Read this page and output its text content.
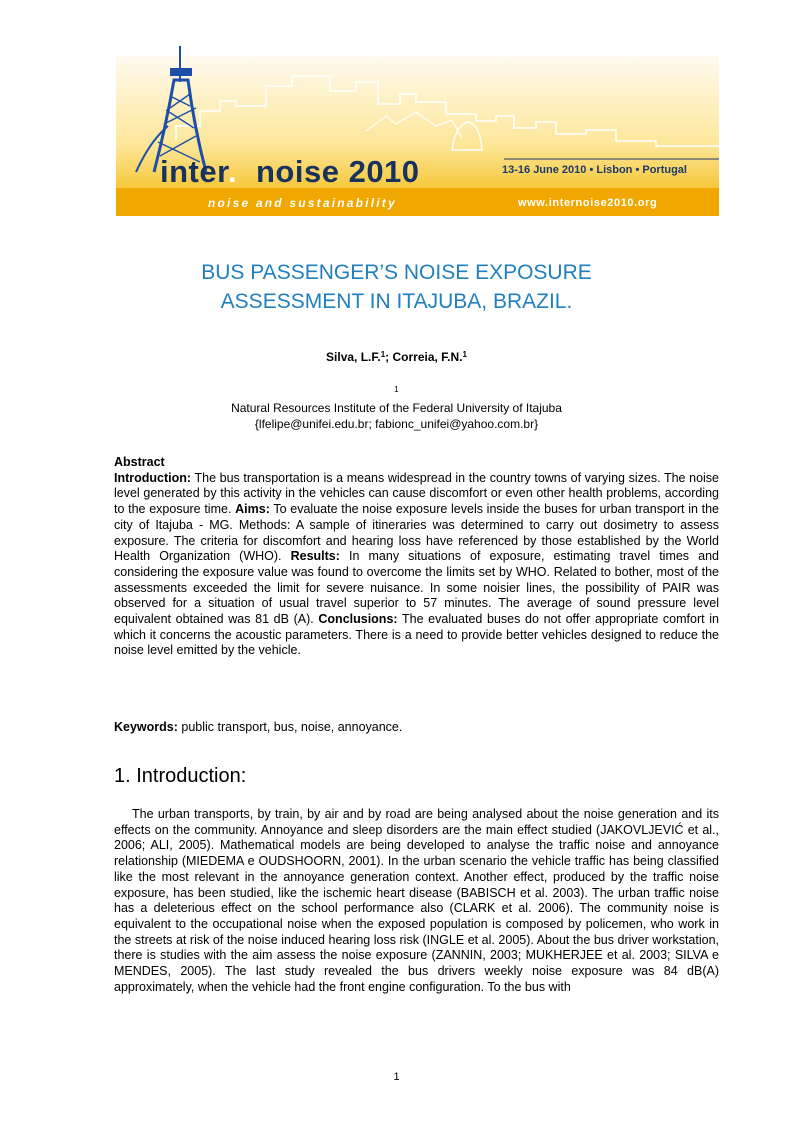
inter. noise 2010	13-16 June 2010 • Lisbon • Portugal
noise and sustainability	www.internoise2010.org
BUS PASSENGER’S NOISE EXPOSURE
ASSESSMENT IN ITAJUBA, BRAZIL.
Silva, L.F.$^1$; Correia, F.N.$^1$
$^1$
Natural Resources Institute of the Federal University of Itajuba
{lfelipe@unifei.edu.br; fabionc_unifei@yahoo.com.br}
Abstract
Introduction: The bus transportation is a means widespread in the country towns of varying sizes. The noise level generated by this activity in the vehicles can cause discomfort or even other health problems, according to the exposure time. Aims: To evaluate the noise exposure levels inside the buses for urban transport in the city of Itajuba - MG. Methods: A sample of itineraries was determined to carry out dosimetry to assess exposure. The criteria for discomfort and hearing loss have referenced by those established by the World Health Organization (WHO). Results: In many situations of exposure, estimating travel times and considering the exposure value was found to overcome the limits set by WHO. Related to bother, most of the assessments exceeded the limit for severe nuisance. In some noisier lines, the possibility of PAIR was observed for a situation of usual travel superior to 57 minutes. The average of sound pressure level equivalent obtained was 81 dB (A). Conclusions: The evaluated buses do not offer appropriate comfort in which it concerns the acoustic parameters. There is a need to provide better vehicles designed to reduce the noise level emitted by the vehicle.
Keywords: public transport, bus, noise, annoyance.
1. Introduction:
The urban transports, by train, by air and by road are being analysed about the noise generation and its effects on the community. Annoyance and sleep disorders are the main effect studied (JAKOVLJEVIĆ et al., 2006; ALI, 2005). Mathematical models are being developed to analyse the traffic noise and annoyance relationship (MIEDEMA e OUDSHOORN, 2001). In the urban scenario the vehicle traffic has being classified like the most relevant in the annoyance generation context. Another effect, produced by the traffic noise exposure, has been studied, like the ischemic heart disease (BABISCH et al. 2003). The urban traffic noise has a deleterious effect on the school performance also (CLARK et al. 2006). The community noise is equivalent to the occupational noise when the exposed population is composed by policemen, who work in the streets at risk of the noise induced hearing loss risk (INGLE et al. 2005). About the bus driver workstation, there is studies with the aim assess the noise exposure (ZANNIN, 2003; MUKHERJEE et al. 2003; SILVA e MENDES, 2005). The last study revealed the bus drivers weekly noise exposure was 84 dB(A) approximately, when the vehicle had the front engine configuration. To the bus with
1
